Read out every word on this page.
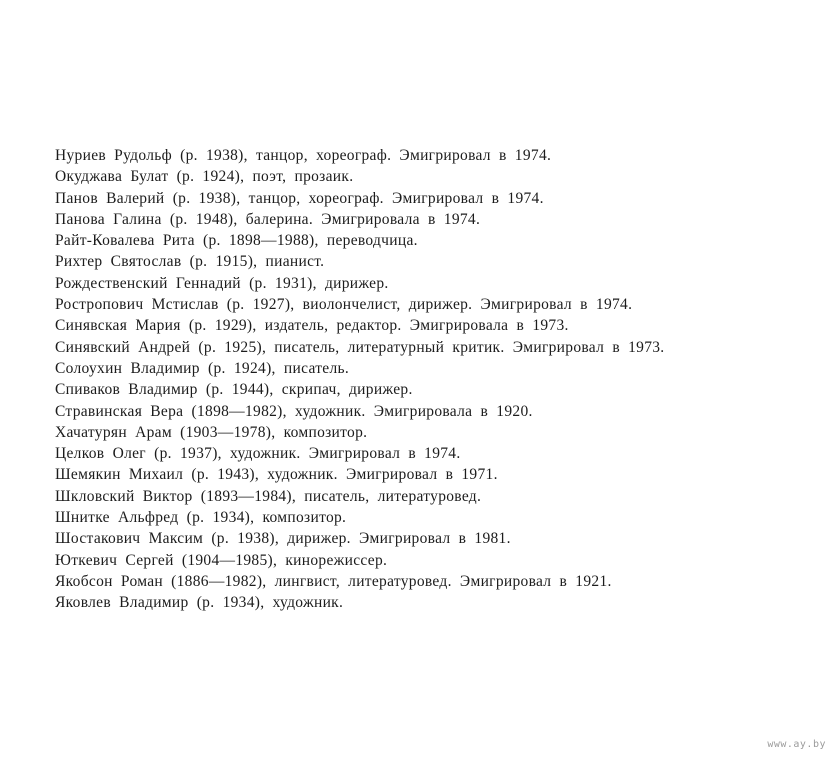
Нуриев Рудольф (р. 1938), танцор, хореограф. Эмигрировал в 1974.
Окуджава Булат (р. 1924), поэт, прозаик.
Панов Валерий (р. 1938), танцор, хореограф. Эмигрировал в 1974.
Панова Галина (р. 1948), балерина. Эмигрировала в 1974.
Райт-Ковалева Рита (р. 1898—1988), переводчица.
Рихтер Святослав (р. 1915), пианист.
Рождественский Геннадий (р. 1931), дирижер.
Ростропович Мстислав (р. 1927), виолончелист, дирижер. Эмигрировал в 1974.
Синявская Мария (р. 1929), издатель, редактор. Эмигрировала в 1973.
Синявский Андрей (р. 1925), писатель, литературный критик. Эмигрировал в 1973.
Солоухин Владимир (р. 1924), писатель.
Спиваков Владимир (р. 1944), скрипач, дирижер.
Стравинская Вера (1898—1982), художник. Эмигрировала в 1920.
Хачатурян Арам (1903—1978), композитор.
Целков Олег (р. 1937), художник. Эмигрировал в 1974.
Шемякин Михаил (р. 1943), художник. Эмигрировал в 1971.
Шкловский Виктор (1893—1984), писатель, литературовед.
Шнитке Альфред (р. 1934), композитор.
Шостакович Максим (р. 1938), дирижер. Эмигрировал в 1981.
Юткевич Сергей (1904—1985), кинорежиссер.
Якобсон Роман (1886—1982), лингвист, литературовед. Эмигрировал в 1921.
Яковлев Владимир (р. 1934), художник.
www.ay.by
